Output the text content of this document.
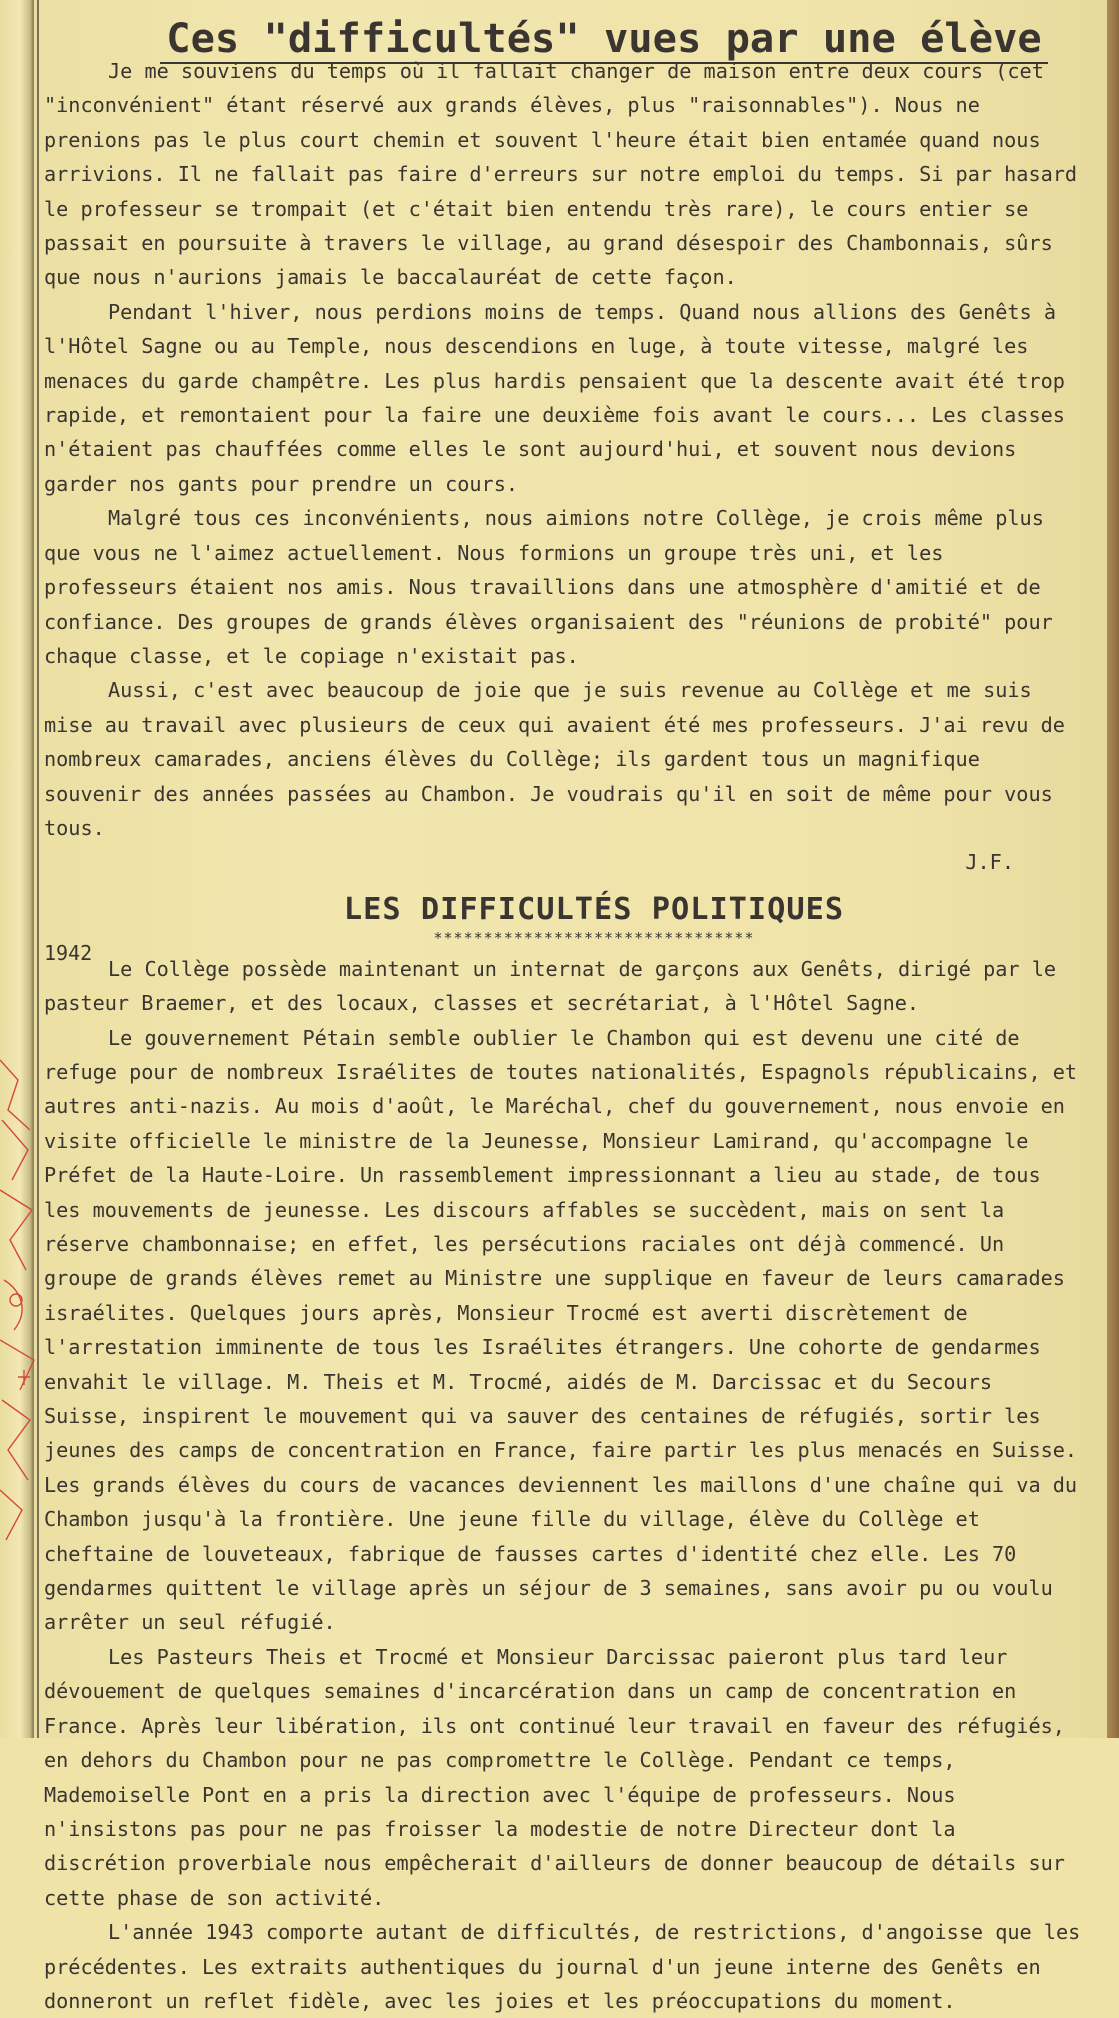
Ces "difficultés" vues par une élève

Je me souviens du temps où il fallait changer de maison entre deux cours (cet "inconvénient" étant réservé aux grands élèves, plus "raisonnables"). Nous ne prenions pas le plus court chemin et souvent l'heure était bien entamée quand nous arrivions. Il ne fallait pas faire d'erreurs sur notre emploi du temps. Si par hasard le professeur se trompait (et c'était bien entendu très rare), le cours entier se passait en poursuite à travers le village, au grand désespoir des Chambonnais, sûrs que nous n'aurions jamais le baccalauréat de cette façon.

Pendant l'hiver, nous perdions moins de temps. Quand nous allions des Genêts à l'Hôtel Sagne ou au Temple, nous descendions en luge, à toute vitesse, malgré les menaces du garde champêtre. Les plus hardis pensaient que la descente avait été trop rapide, et remontaient pour la faire une deuxième fois avant le cours... Les classes n'étaient pas chauffées comme elles le sont aujourd'hui, et souvent nous devions garder nos gants pour prendre un cours.

Malgré tous ces inconvénients, nous aimions notre Collège, je crois même plus que vous ne l'aimez actuellement. Nous formions un groupe très uni, et les professeurs étaient nos amis. Nous travaillions dans une atmosphère d'amitié et de confiance. Des groupes de grands élèves organisaient des "réunions de probité" pour chaque classe, et le copiage n'existait pas.

Aussi, c'est avec beaucoup de joie que je suis revenue au Collège et me suis mise au travail avec plusieurs de ceux qui avaient été mes professeurs. J'ai revu de nombreux camarades, anciens élèves du Collège; ils gardent tous un magnifique souvenir des années passées au Chambon. Je voudrais qu'il en soit de même pour vous tous.

J.F.

LES DIFFICULTÉS POLITIQUES
********************************
1942

Le Collège possède maintenant un internat de garçons aux Genêts, dirigé par le pasteur Braemer, et des locaux, classes et secrétariat, à l'Hôtel Sagne.

Le gouvernement Pétain semble oublier le Chambon qui est devenu une cité de refuge pour de nombreux Israélites de toutes nationalités, Espagnols républicains, et autres anti-nazis. Au mois d'août, le Maréchal, chef du gouvernement, nous envoie en visite officielle le ministre de la Jeunesse, Monsieur Lamirand, qu'accompagne le Préfet de la Haute-Loire. Un rassemblement impressionnant a lieu au stade, de tous les mouvements de jeunesse. Les discours affables se succèdent, mais on sent la réserve chambonnaise; en effet, les persécutions raciales ont déjà commencé. Un groupe de grands élèves remet au Ministre une supplique en faveur de leurs camarades israélites. Quelques jours après, Monsieur Trocmé est averti discrètement de l'arrestation imminente de tous les Israélites étrangers. Une cohorte de gendarmes envahit le village. M. Theis et M. Trocmé, aidés de M. Darcissac et du Secours Suisse, inspirent le mouvement qui va sauver des centaines de réfugiés, sortir les jeunes des camps de concentration en France, faire partir les plus menacés en Suisse. Les grands élèves du cours de vacances deviennent les maillons d'une chaîne qui va du Chambon jusqu'à la frontière. Une jeune fille du village, élève du Collège et cheftaine de louveteaux, fabrique de fausses cartes d'identité chez elle. Les 70 gendarmes quittent le village après un séjour de 3 semaines, sans avoir pu ou voulu arrêter un seul réfugié.

Les Pasteurs Theis et Trocmé et Monsieur Darcissac paieront plus tard leur dévouement de quelques semaines d'incarcération dans un camp de concentration en France. Après leur libération, ils ont continué leur travail en faveur des réfugiés, en dehors du Chambon pour ne pas compromettre le Collège. Pendant ce temps, Mademoiselle Pont en a pris la direction avec l'équipe de professeurs. Nous n'insistons pas pour ne pas froisser la modestie de notre Directeur dont la discrétion proverbiale nous empêcherait d'ailleurs de donner beaucoup de détails sur cette phase de son activité.

L'année 1943 comporte autant de difficultés, de restrictions, d'angoisse que les précédentes. Les extraits authentiques du journal d'un jeune interne des Genêts en donneront un reflet fidèle, avec les joies et les préoccupations du moment.
